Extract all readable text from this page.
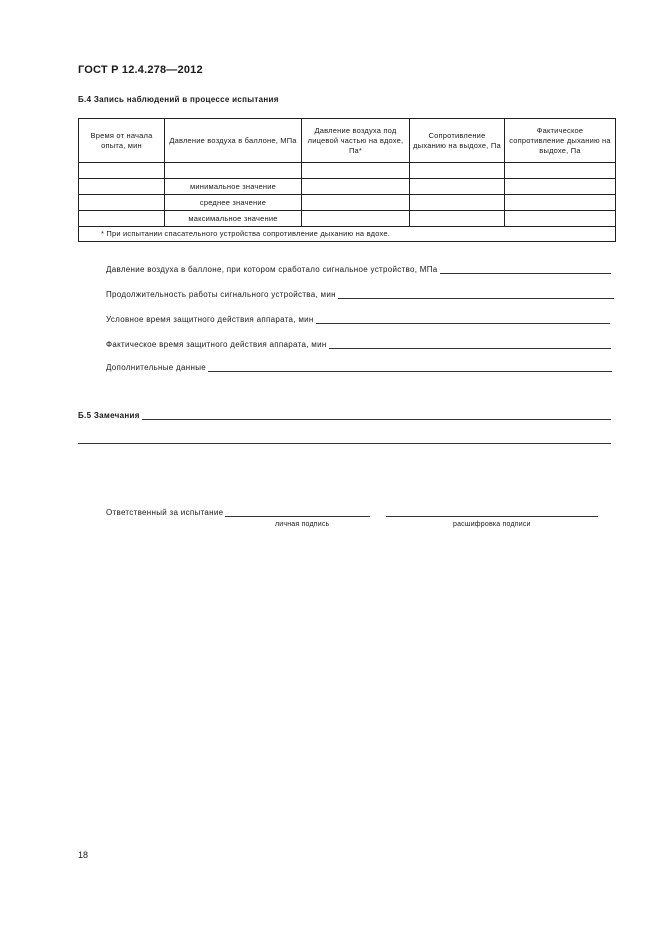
ГОСТ Р 12.4.278—2012
Б.4 Запись наблюдений в процессе испытания
Время от начала опыта, мин	Давление воздуха в баллоне, МПа	Давление воздуха под лицевой частью на вдохе, Па*	Сопротивление дыханию на выдохе, Па	Фактическое сопротивление дыханию на выдохе, Па

	минимальное значение			
	среднее значение			
	максимальное значение			
* При испытании спасательного устройства сопротивление дыханию на вдохе.				
Давление воздуха в баллоне, при котором сработало сигнальное устройство, МПа
Продолжительность работы сигнального устройства, мин
Условное время защитного действия аппарата, мин
Фактическое время защитного действия аппарата, мин
Дополнительные данные
Б.5 Замечания
Ответственный за испытание
личная подпись	расшифровка подписи
18
